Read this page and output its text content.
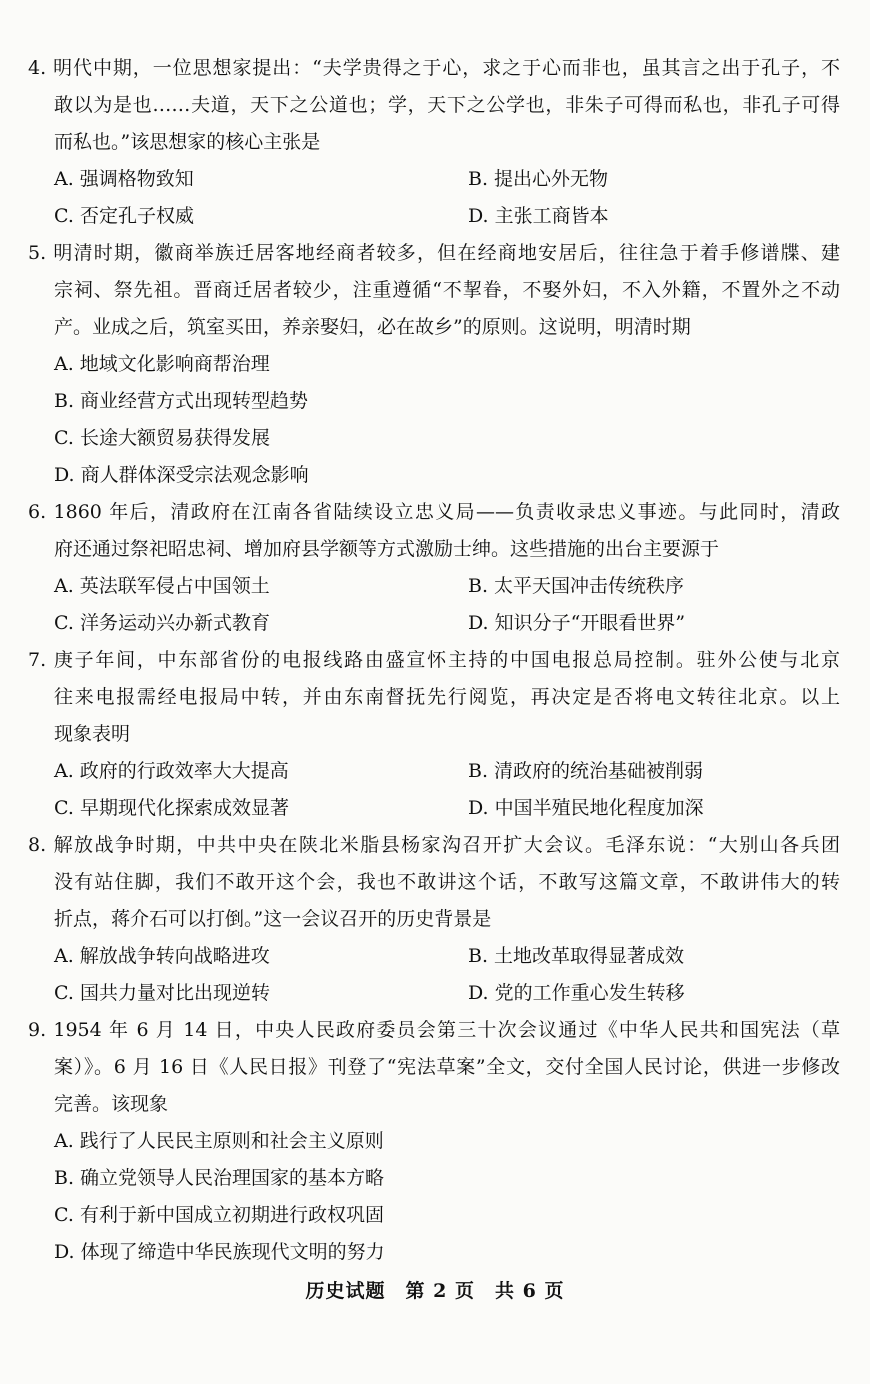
4. 明代中期，一位思想家提出：“夫学贵得之于心，求之于心而非也，虽其言之出于孔子，不
敢以为是也……夫道，天下之公道也；学，天下之公学也，非朱子可得而私也，非孔子可得
而私也。”该思想家的核心主张是
A. 强调格物致知	B. 提出心外无物
C. 否定孔子权威	D. 主张工商皆本
5. 明清时期，徽商举族迁居客地经商者较多，但在经商地安居后，往往急于着手修谱牒、建
宗祠、祭先祖。晋商迁居者较少，注重遵循“不挈眷，不娶外妇，不入外籍，不置外之不动
产。业成之后，筑室买田，养亲娶妇，必在故乡”的原则。这说明，明清时期
A. 地域文化影响商帮治理
B. 商业经营方式出现转型趋势
C. 长途大额贸易获得发展
D. 商人群体深受宗法观念影响
6. 1860 年后，清政府在江南各省陆续设立忠义局——负责收录忠义事迹。与此同时，清政
府还通过祭祀昭忠祠、增加府县学额等方式激励士绅。这些措施的出台主要源于
A. 英法联军侵占中国领土	B. 太平天国冲击传统秩序
C. 洋务运动兴办新式教育	D. 知识分子“开眼看世界”
7. 庚子年间，中东部省份的电报线路由盛宣怀主持的中国电报总局控制。驻外公使与北京
往来电报需经电报局中转，并由东南督抚先行阅览，再决定是否将电文转往北京。以上
现象表明
A. 政府的行政效率大大提高	B. 清政府的统治基础被削弱
C. 早期现代化探索成效显著	D. 中国半殖民地化程度加深
8. 解放战争时期，中共中央在陕北米脂县杨家沟召开扩大会议。毛泽东说：“大别山各兵团
没有站住脚，我们不敢开这个会，我也不敢讲这个话，不敢写这篇文章，不敢讲伟大的转
折点，蒋介石可以打倒。”这一会议召开的历史背景是
A. 解放战争转向战略进攻	B. 土地改革取得显著成效
C. 国共力量对比出现逆转	D. 党的工作重心发生转移
9. 1954 年 6 月 14 日，中央人民政府委员会第三十次会议通过《中华人民共和国宪法（草
案）》。6 月 16 日《人民日报》刊登了“宪法草案”全文，交付全国人民讨论，供进一步修改
完善。该现象
A. 践行了人民民主原则和社会主义原则
B. 确立党领导人民治理国家的基本方略
C. 有利于新中国成立初期进行政权巩固
D. 体现了缔造中华民族现代文明的努力
历史试题　第 2 页　共 6 页
